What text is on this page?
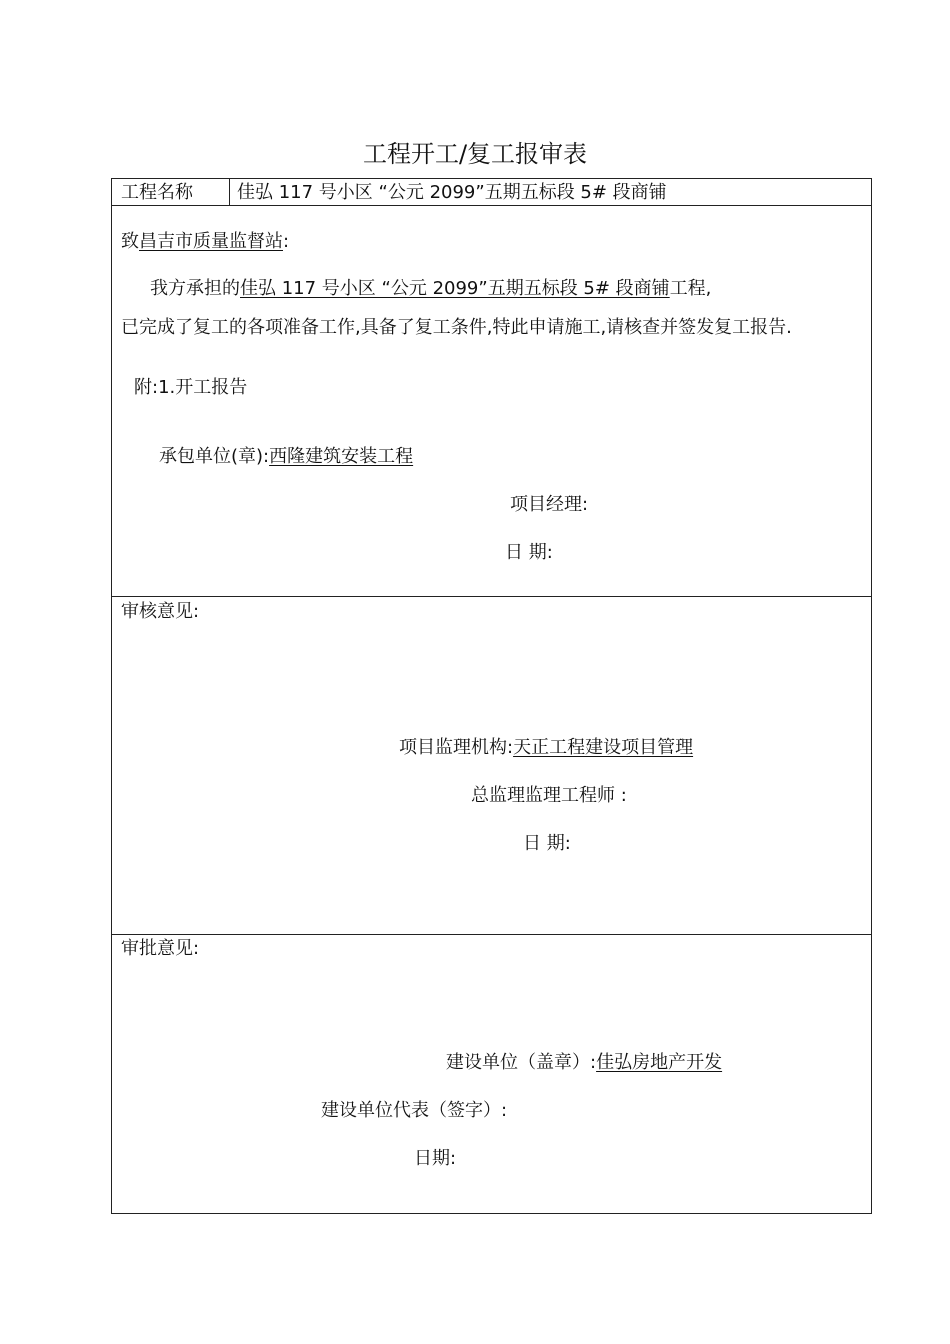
工程开工/复工报审表
工程名称 佳弘 117 号小区 “公元 2099”五期五标段 5# 段商铺
致昌吉市质量监督站:
我方承担的佳弘 117 号小区 “公元 2099”五期五标段 5# 段商铺工程,
已完成了复工的各项准备工作,具备了复工条件,特此申请施工,请核查并签发复工报告.
附:1.开工报告
承包单位(章):西隆建筑安装工程
项目经理:
日 期:
审核意见:
项目监理机构:天正工程建设项目管理
总监理监理工程师 :
日 期:
审批意见:
建设单位（盖章）:佳弘房地产开发
建设单位代表（签字）:
日期:
